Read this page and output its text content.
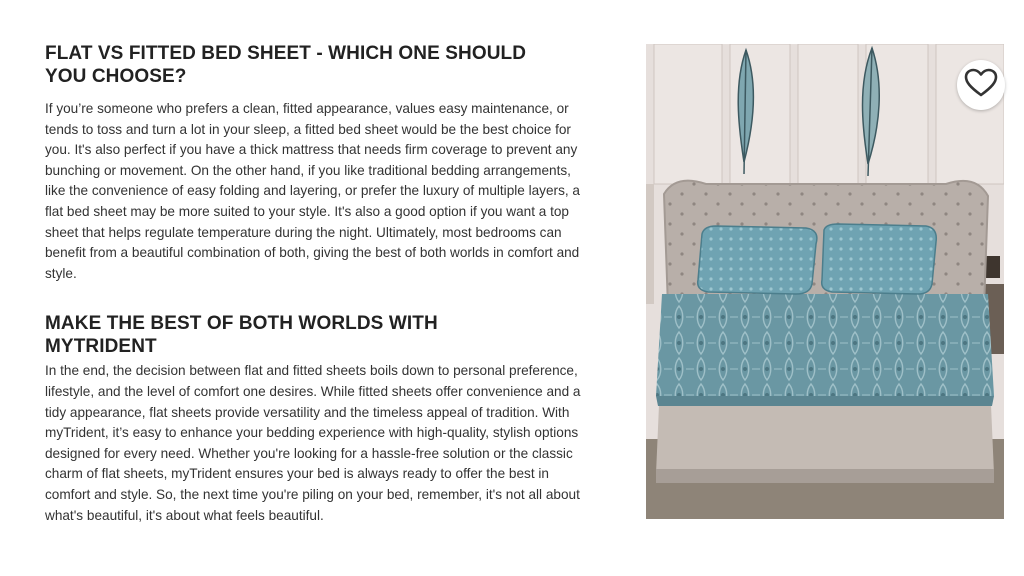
FLAT VS FITTED BED SHEET - WHICH ONE SHOULD YOU CHOOSE?

If you’re someone who prefers a clean, fitted appearance, values easy maintenance, or tends to toss and turn a lot in your sleep, a fitted bed sheet would be the best choice for you. It's also perfect if you have a thick mattress that needs firm coverage to prevent any bunching or movement. On the other hand, if you like traditional bedding arrangements, like the convenience of easy folding and layering, or prefer the luxury of multiple layers, a flat bed sheet may be more suited to your style. It's also a good option if you want a top sheet that helps regulate temperature during the night. Ultimately, most bedrooms can benefit from a beautiful combination of both, giving the best of both worlds in comfort and style.

MAKE THE BEST OF BOTH WORLDS WITH MYTRIDENT

In the end, the decision between flat and fitted sheets boils down to personal preference, lifestyle, and the level of comfort one desires. While fitted sheets offer convenience and a tidy appearance, flat sheets provide versatility and the timeless appeal of tradition. With myTrident, it’s easy to enhance your bedding experience with high-quality, stylish options designed for every need. Whether you're looking for a hassle-free solution or the classic charm of flat sheets, myTrident ensures your bed is always ready to offer the best in comfort and style. So, the next time you're piling on your bed, remember, it's not all about what's beautiful, it's about what feels beautiful.
